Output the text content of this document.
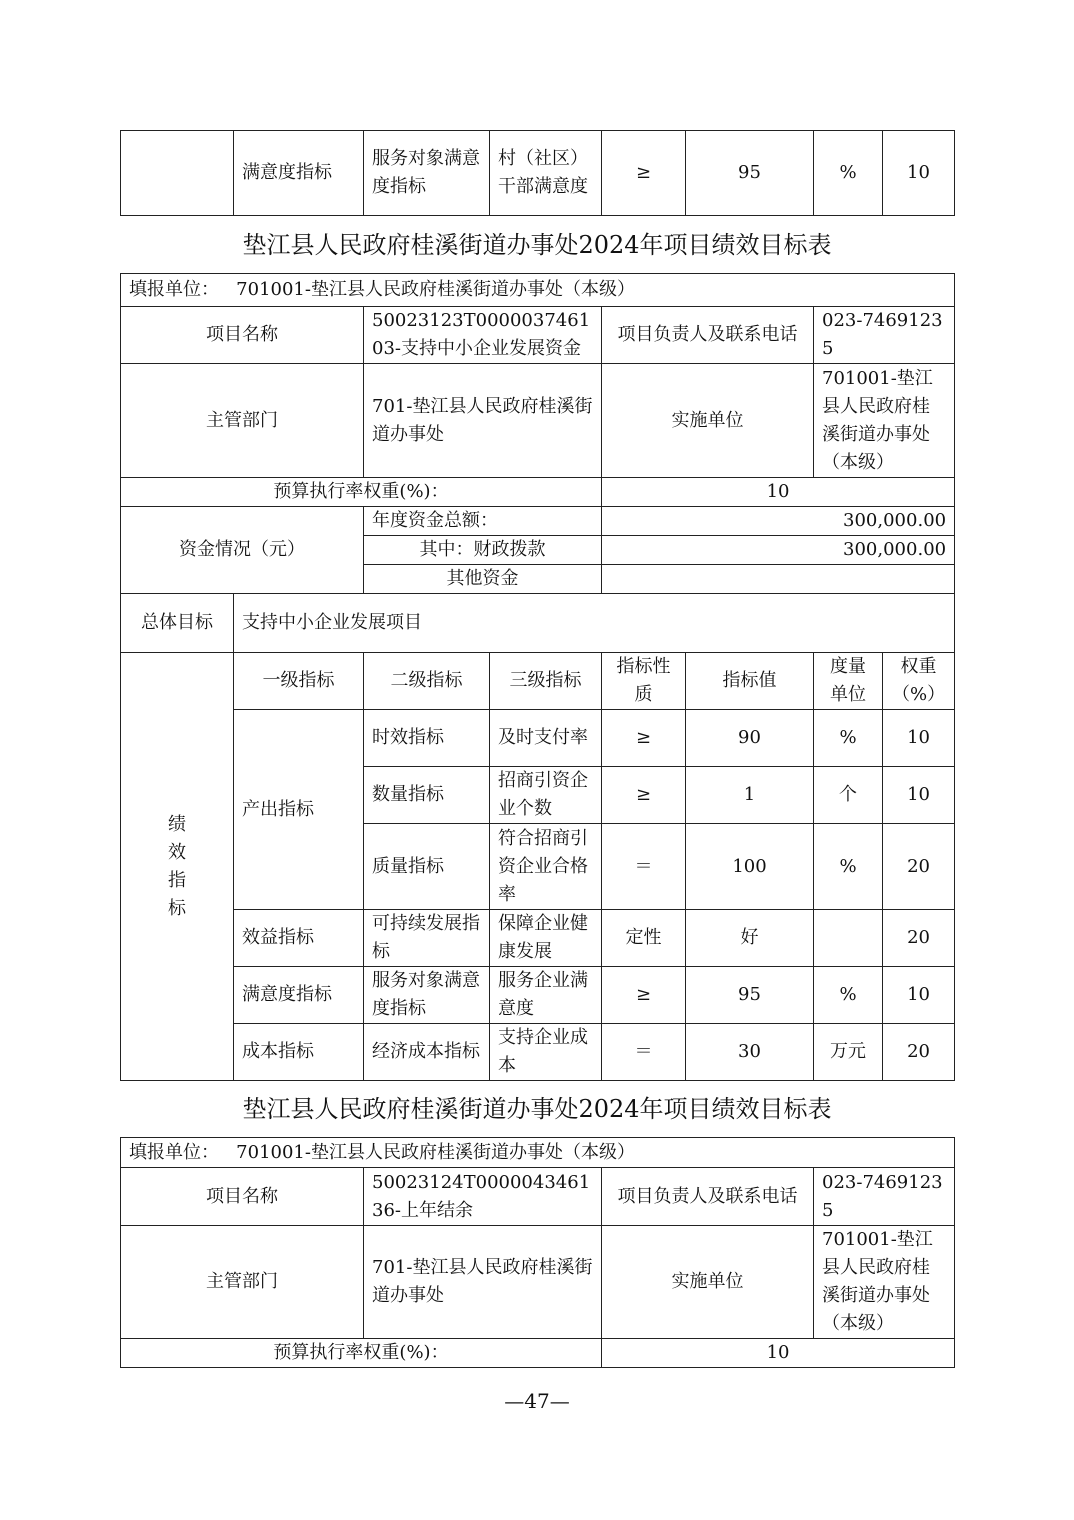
	满意度指标	服务对象满意度指标	村（社区）干部满意度	≥	95	%	10
垫江县人民政府桂溪街道办事处2024年项目绩效目标表
填报单位： 701001-垫江县人民政府桂溪街道办事处（本级）							
项目名称		50023123T000003746103-支持中小企业发展资金		项目负责人及联系电话		023-74691235	
主管部门		701-垫江县人民政府桂溪街道办事处		实施单位		701001-垫江县人民政府桂溪街道办事处（本级）	
预算执行率权重(%)：				10			
资金情况（元）		年度资金总额：		300,000.00			
		其中：财政拨款		300,000.00			
		其他资金					
总体目标	支持中小企业发展项目						

绩效指标	一级指标	二级指标	三级指标	指标性质	指标值	度量单位	权重（%）
	产出指标	时效指标	及时支付率	≥	90	%	10
		数量指标	招商引资企业个数	≥	1	个	10
		质量指标	符合招商引资企业合格率	＝	100	%	20
	效益指标	可持续发展指标	保障企业健康发展	定性	好		20
	满意度指标	服务对象满意度指标	服务企业满意度	≥	95	%	10
	成本指标	经济成本指标	支持企业成本	＝	30	万元	20
垫江县人民政府桂溪街道办事处2024年项目绩效目标表
填报单位： 701001-垫江县人民政府桂溪街道办事处（本级）			
项目名称	50023124T000004346136-上年结余	项目负责人及联系电话	023-74691235
主管部门	701-垫江县人民政府桂溪街道办事处	实施单位	701001-垫江县人民政府桂溪街道办事处（本级）
预算执行率权重(%)：		10	
—47—
